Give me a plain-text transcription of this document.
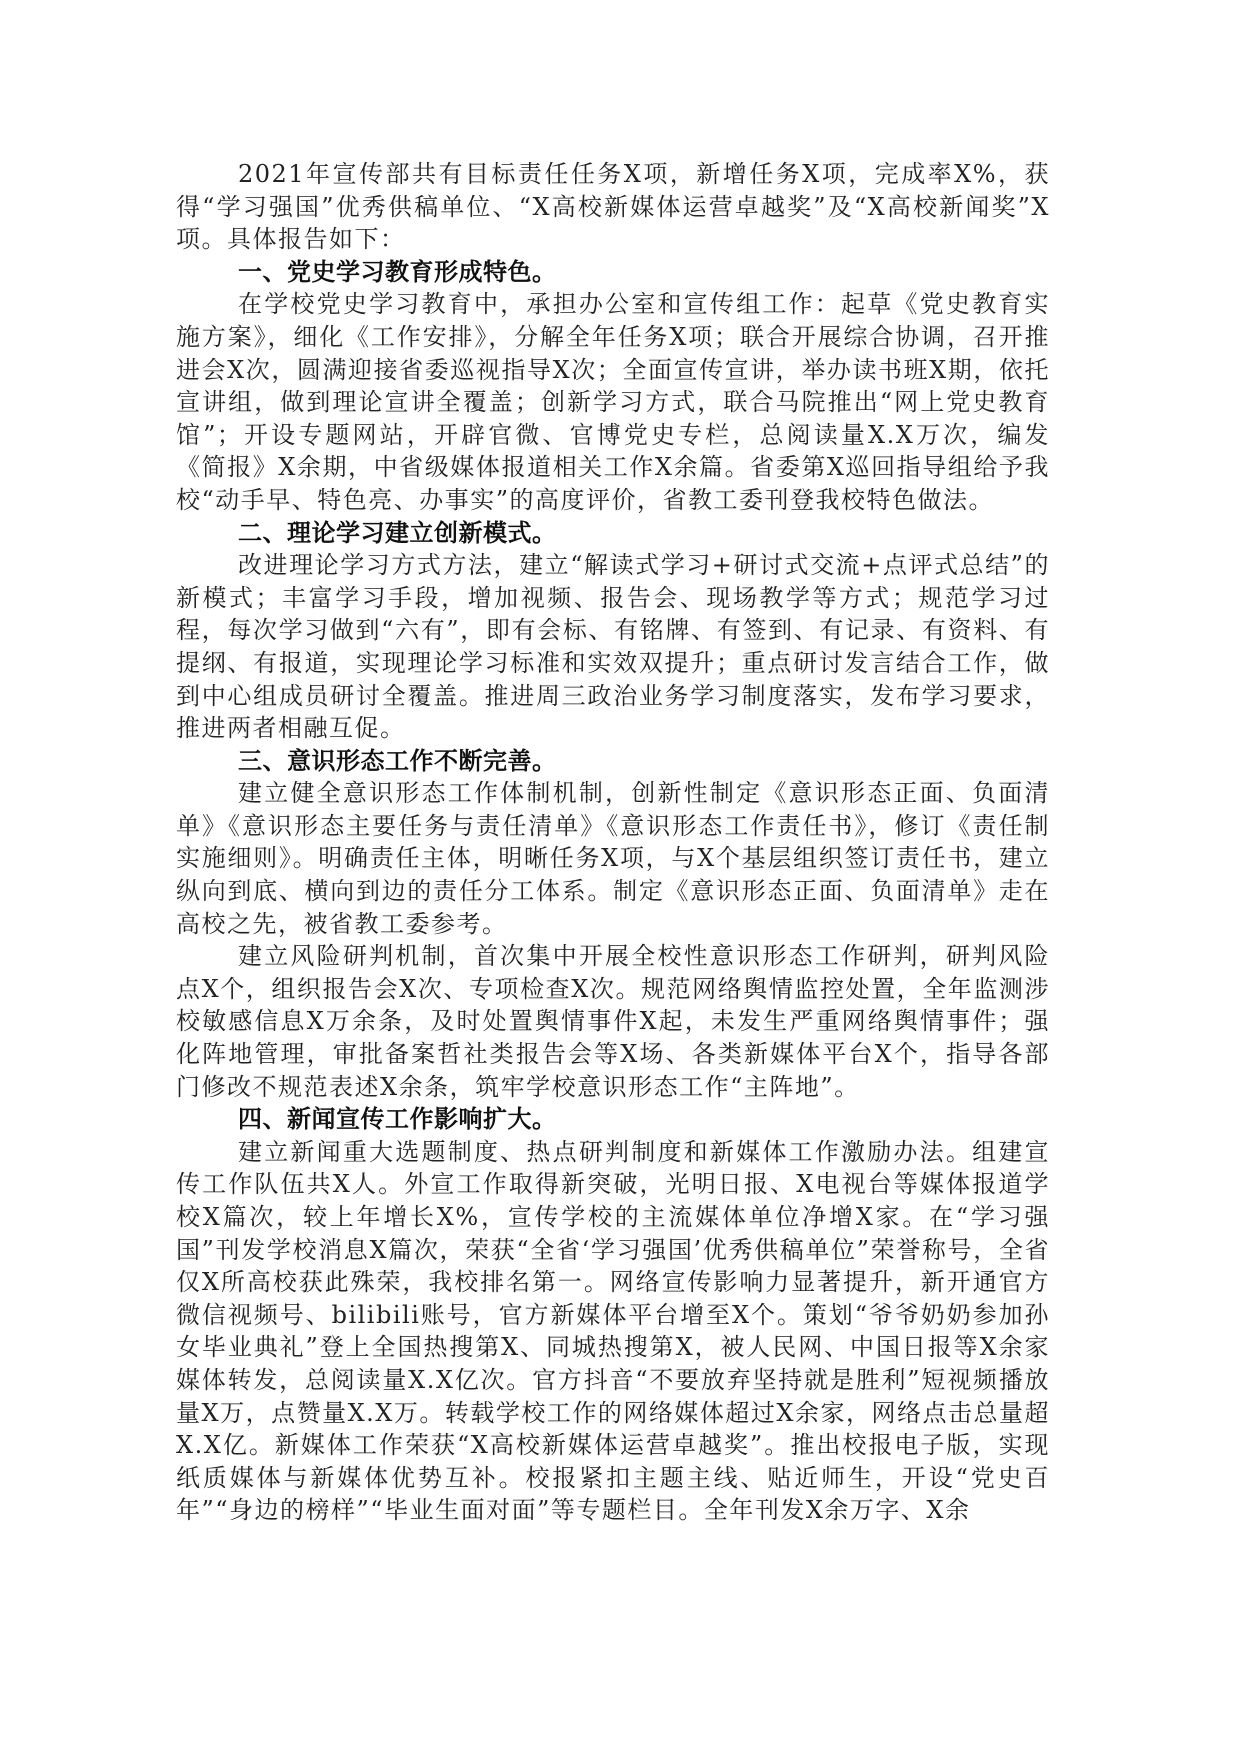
2021年宣传部共有目标责任任务X项，新增任务X项，完成率X%，获得“学习强国”优秀供稿单位、“X高校新媒体运营卓越奖”及“X高校新闻奖”X项。具体报告如下：

一、党史学习教育形成特色。

在学校党史学习教育中，承担办公室和宣传组工作：起草《党史教育实施方案》，细化《工作安排》，分解全年任务X项；联合开展综合协调，召开推进会X次，圆满迎接省委巡视指导X次；全面宣传宣讲，举办读书班X期，依托宣讲组，做到理论宣讲全覆盖；创新学习方式，联合马院推出“网上党史教育馆”；开设专题网站，开辟官微、官博党史专栏，总阅读量X.X万次，编发《简报》X余期，中省级媒体报道相关工作X余篇。省委第X巡回指导组给予我校“动手早、特色亮、办事实”的高度评价，省教工委刊登我校特色做法。

二、理论学习建立创新模式。

改进理论学习方式方法，建立“解读式学习+研讨式交流+点评式总结”的新模式；丰富学习手段，增加视频、报告会、现场教学等方式；规范学习过程，每次学习做到“六有”，即有会标、有铭牌、有签到、有记录、有资料、有提纲、有报道，实现理论学习标准和实效双提升；重点研讨发言结合工作，做到中心组成员研讨全覆盖。推进周三政治业务学习制度落实，发布学习要求，推进两者相融互促。

三、意识形态工作不断完善。

建立健全意识形态工作体制机制，创新性制定《意识形态正面、负面清单》《意识形态主要任务与责任清单》《意识形态工作责任书》，修订《责任制实施细则》。明确责任主体，明晰任务X项，与X个基层组织签订责任书，建立纵向到底、横向到边的责任分工体系。制定《意识形态正面、负面清单》走在高校之先，被省教工委参考。

建立风险研判机制，首次集中开展全校性意识形态工作研判，研判风险点X个，组织报告会X次、专项检查X次。规范网络舆情监控处置，全年监测涉校敏感信息X万余条，及时处置舆情事件X起，未发生严重网络舆情事件；强化阵地管理，审批备案哲社类报告会等X场、各类新媒体平台X个，指导各部门修改不规范表述X余条，筑牢学校意识形态工作“主阵地”。

四、新闻宣传工作影响扩大。

建立新闻重大选题制度、热点研判制度和新媒体工作激励办法。组建宣传工作队伍共X人。外宣工作取得新突破，光明日报、X电视台等媒体报道学校X篇次，较上年增长X%，宣传学校的主流媒体单位净增X家。在“学习强国”刊发学校消息X篇次，荣获“全省‘学习强国’优秀供稿单位”荣誉称号，全省仅X所高校获此殊荣，我校排名第一。网络宣传影响力显著提升，新开通官方微信视频号、bilibili账号，官方新媒体平台增至X个。策划“爷爷奶奶参加孙女毕业典礼”登上全国热搜第X、同城热搜第X，被人民网、中国日报等X余家媒体转发，总阅读量X.X亿次。官方抖音“不要放弃坚持就是胜利”短视频播放量X万，点赞量X.X万。转载学校工作的网络媒体超过X余家，网络点击总量超X.X亿。新媒体工作荣获“X高校新媒体运营卓越奖”。推出校报电子版，实现纸质媒体与新媒体优势互补。校报紧扣主题主线、贴近师生，开设“党史百年”“身边的榜样”“毕业生面对面”等专题栏目。全年刊发X余万字、X余
